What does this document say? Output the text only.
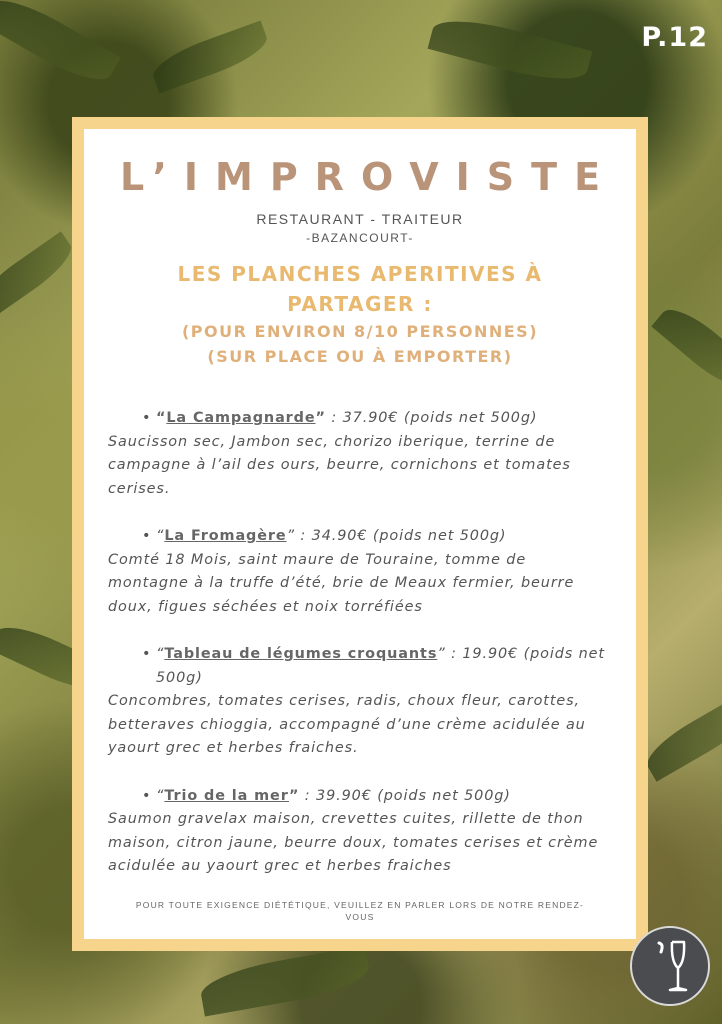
P.12
L’IMPROVISTE
RESTAURANT - TRAITEUR
-BAZANCOURT-
LES PLANCHES APERITIVES À PARTAGER :
(POUR ENVIRON 8/10 PERSONNES)
(SUR PLACE OU À EMPORTER)
• “La Campagnarde” : 37.90€ (poids net 500g)
Saucisson sec, Jambon sec, chorizo iberique, terrine de campagne à l’ail des ours, beurre, cornichons et tomates cerises.
• “La Fromagère” : 34.90€ (poids net 500g)
Comté 18 Mois, saint maure de Touraine, tomme de montagne à la truffe d’été, brie de Meaux fermier, beurre doux, figues séchées et noix torréfiées
• “Tableau de légumes croquants” : 19.90€ (poids net 500g)
Concombres, tomates cerises, radis, choux fleur, carottes, betteraves chioggia, accompagné d’une crème acidulée au yaourt grec et herbes fraiches.
• “Trio de la mer” : 39.90€ (poids net 500g)
Saumon gravelax maison, crevettes cuites, rillette de thon maison, citron jaune, beurre doux, tomates cerises et crème acidulée au yaourt grec et herbes fraiches
POUR TOUTE EXIGENCE DIÉTÉTIQUE, VEUILLEZ EN PARLER LORS DE NOTRE RENDEZ-VOUS
